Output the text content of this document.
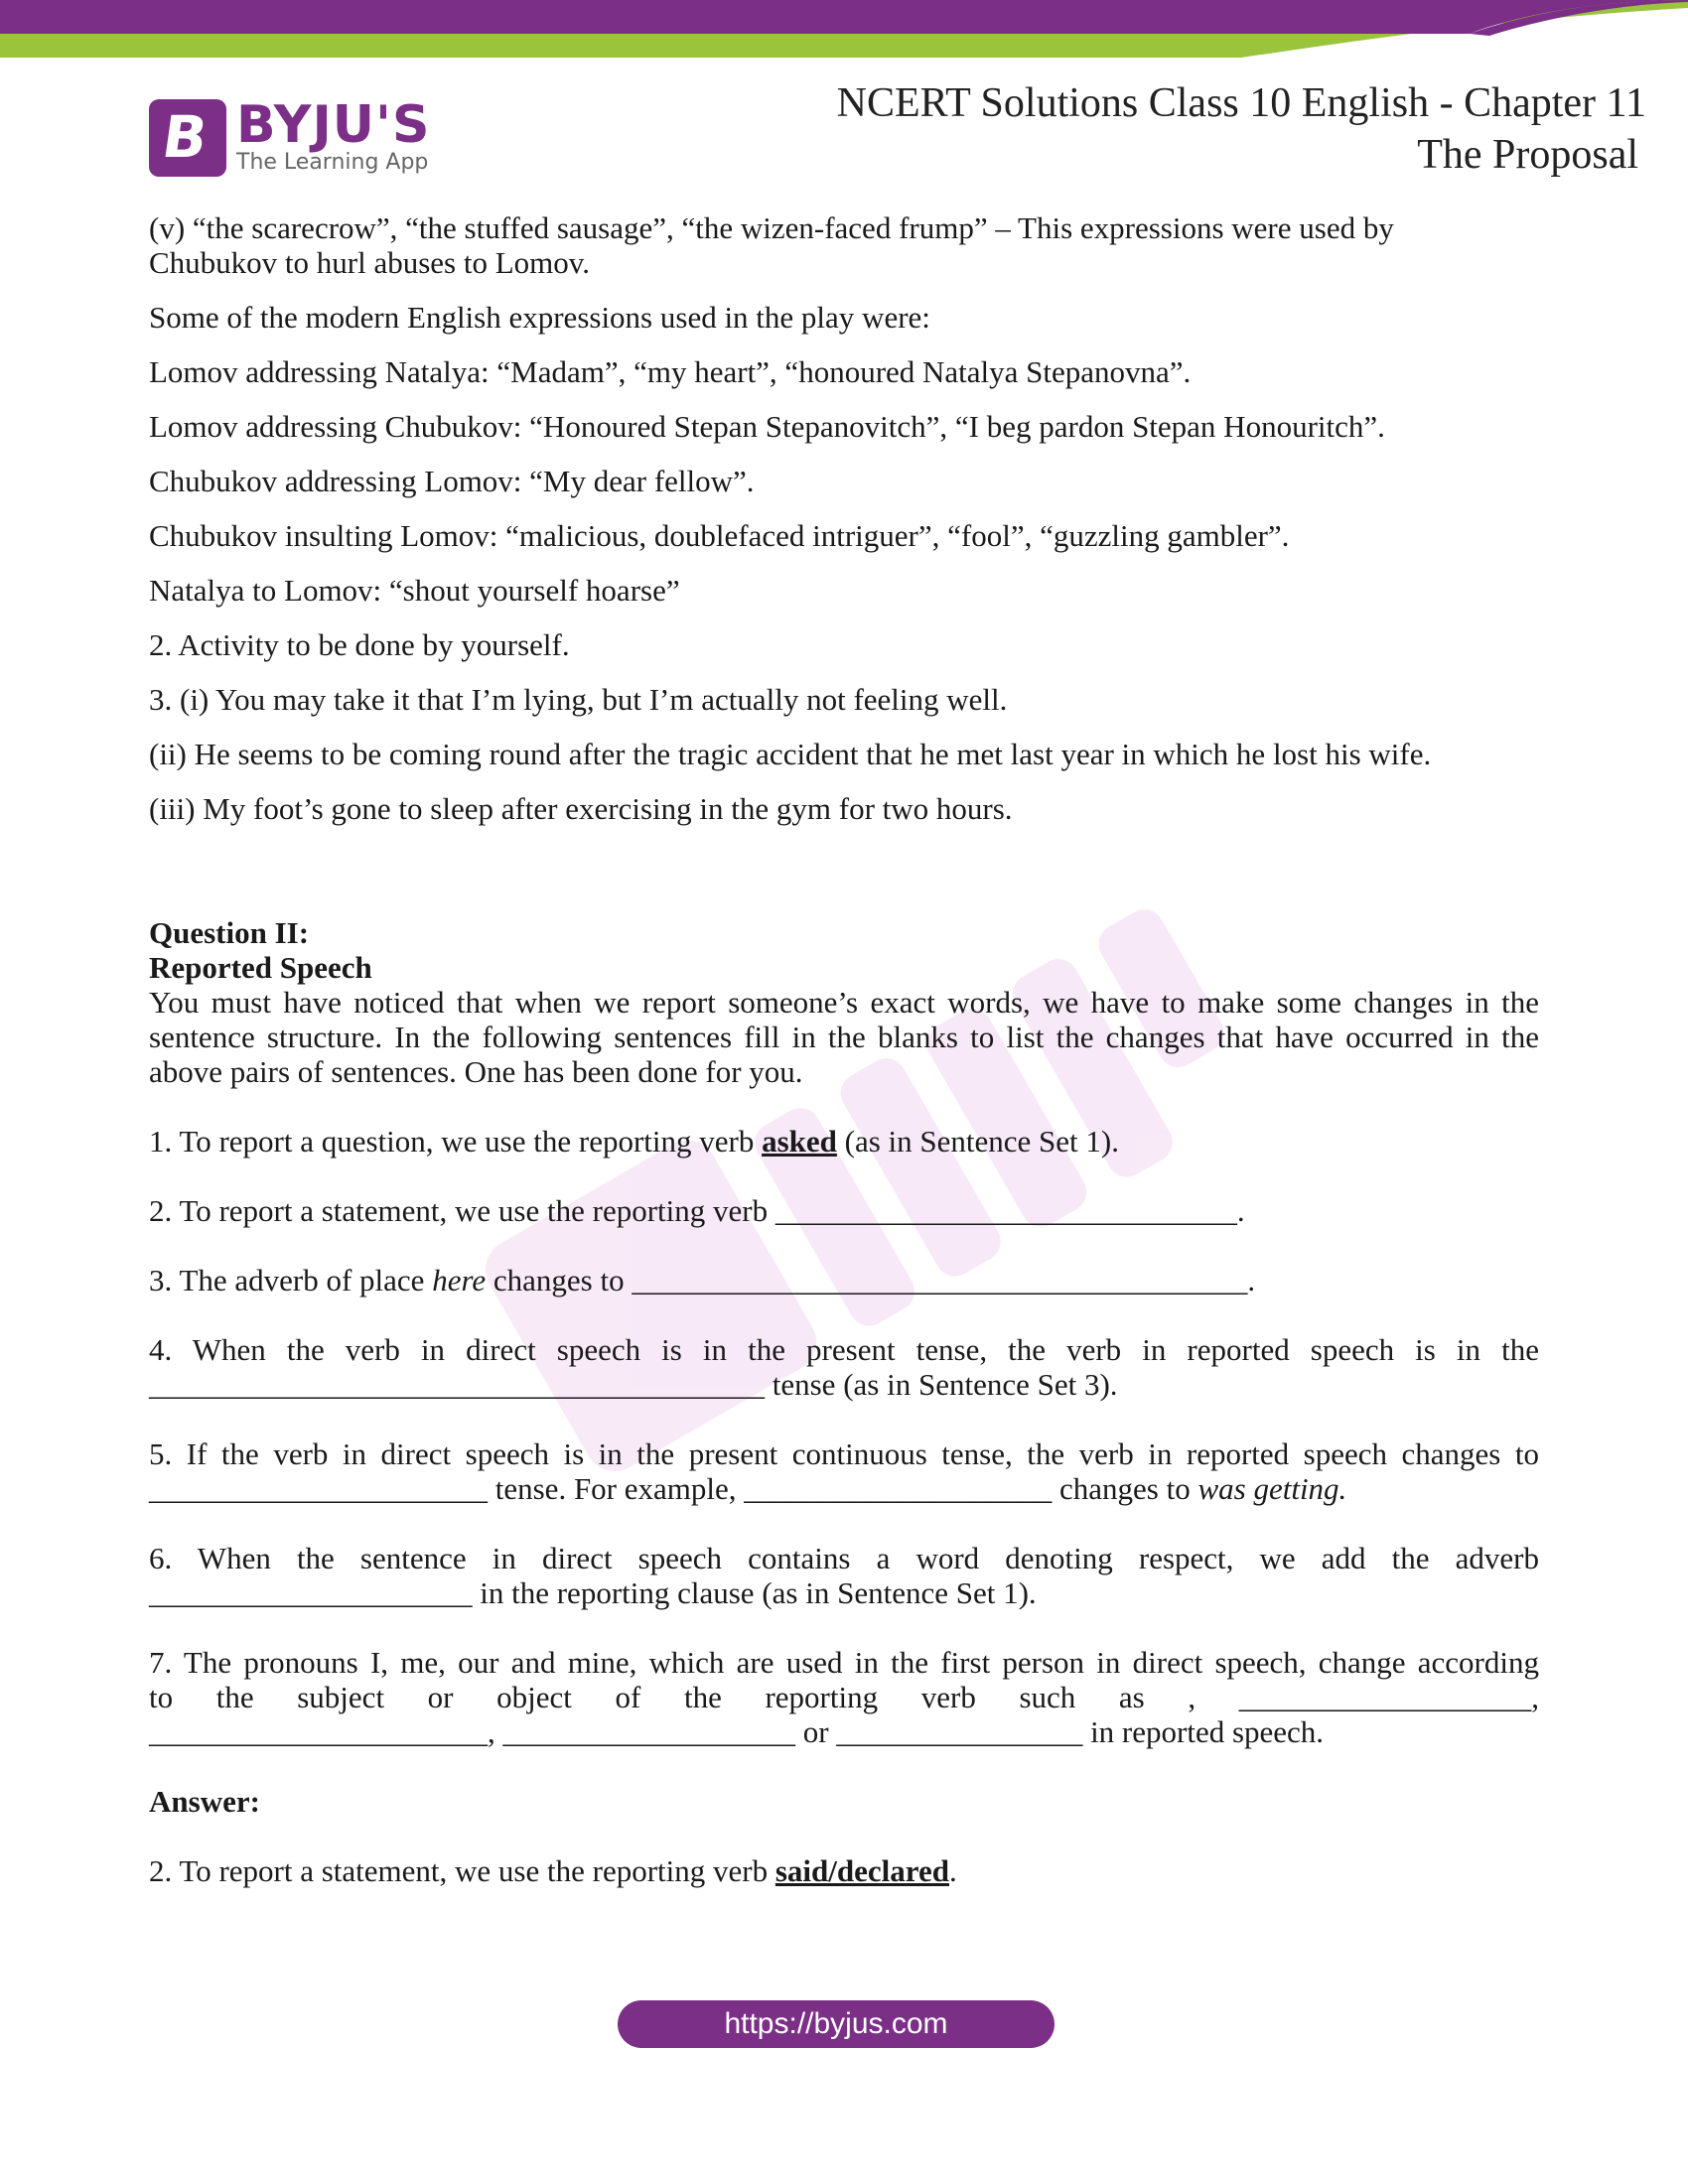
B BYJU'S
The Learning App
NCERT Solutions Class 10 English - Chapter 11
The Proposal

(v) “the scarecrow”, “the stuffed sausage”, “the wizen-faced frump” – This expressions were used by

Chubukov to hurl abuses to Lomov.

Some of the modern English expressions used in the play were:

Lomov addressing Natalya: “Madam”, “my heart”, “honoured Natalya Stepanovna”.

Lomov addressing Chubukov: “Honoured Stepan Stepanovitch”, “I beg pardon Stepan Honouritch”.

Chubukov addressing Lomov: “My dear fellow”.

Chubukov insulting Lomov: “malicious, doublefaced intriguer”, “fool”, “guzzling gambler”.

Natalya to Lomov: “shout yourself hoarse”

2. Activity to be done by yourself.

3. (i) You may take it that I’m lying, but I’m actually not feeling well.

(ii) He seems to be coming round after the tragic accident that he met last year in which he lost his wife.

(iii) My foot’s gone to sleep after exercising in the gym for two hours.

Question II:

Reported Speech

You must have noticed that when we report someone’s exact words, we have to make some changes in the sentence structure. In the following sentences fill in the blanks to list the changes that have occurred in the above pairs of sentences. One has been done for you.

1. To report a question, we use the reporting verb asked (as in Sentence Set 1).

2. To report a statement, we use the reporting verb ______________________________.

3. The adverb of place here changes to ________________________________________.

4. When the verb in direct speech is in the present tense, the verb in reported speech is in the

________________________________________ tense (as in Sentence Set 3).

5. If the verb in direct speech is in the present continuous tense, the verb in reported speech changes to

______________________ tense. For example, ____________________ changes to was getting.

6. When the sentence in direct speech contains a word denoting respect, we add the adverb

_____________________ in the reporting clause (as in Sentence Set 1).

7. The pronouns I, me, our and mine, which are used in the first person in direct speech, change according

to the subject or object of the reporting verb such as , ___________________,

______________________, ___________________ or ________________ in reported speech.

Answer:

2. To report a statement, we use the reporting verb said/declared.

https://byjus.com
